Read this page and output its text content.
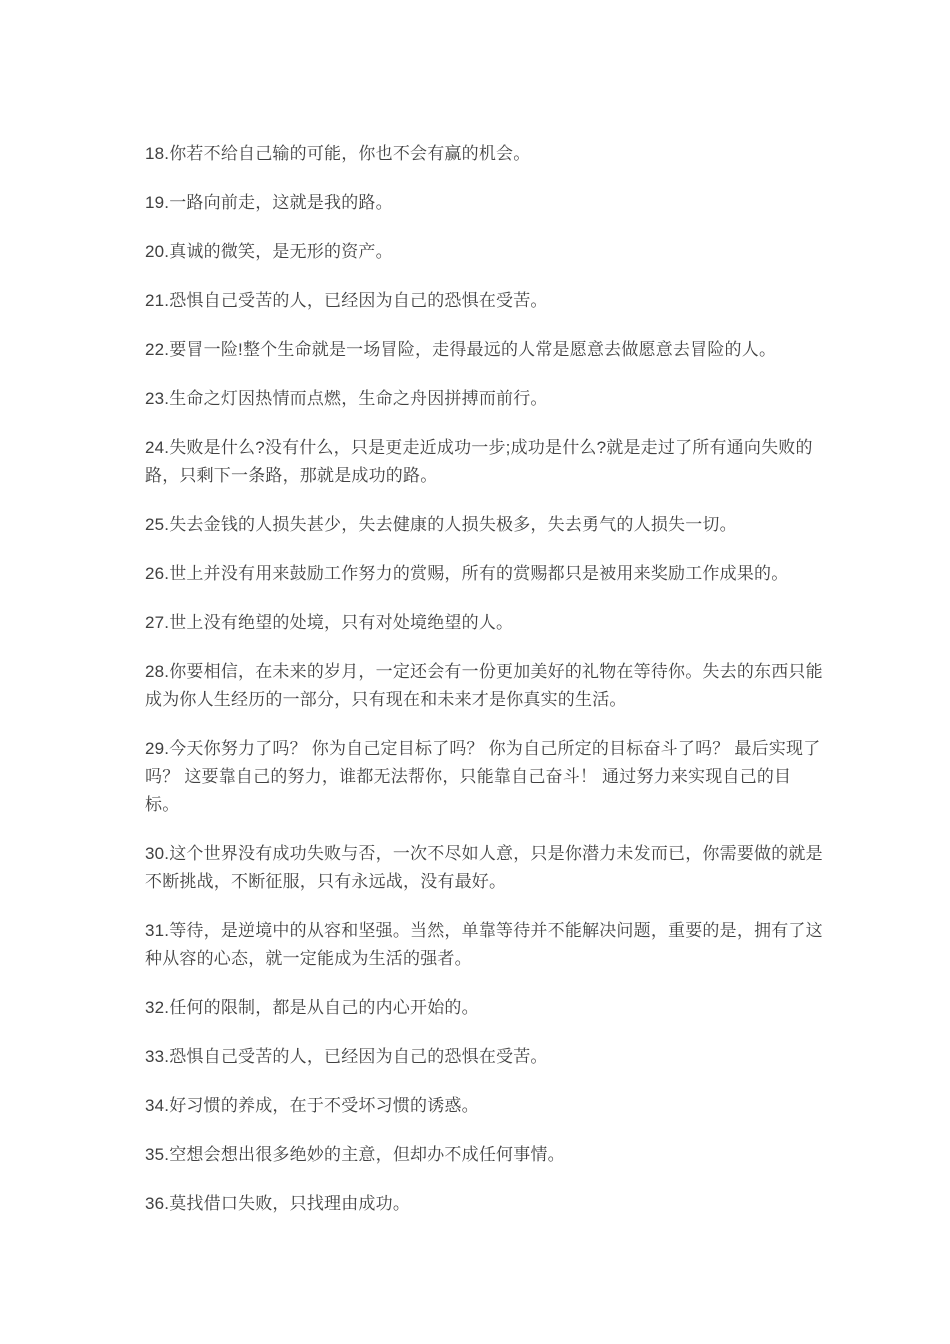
18.你若不给自己输的可能，你也不会有赢的机会。

19.一路向前走，这就是我的路。

20.真诚的微笑，是无形的资产。

21.恐惧自己受苦的人，已经因为自己的恐惧在受苦。

22.要冒一险!整个生命就是一场冒险，走得最远的人常是愿意去做愿意去冒险的人。

23.生命之灯因热情而点燃，生命之舟因拼搏而前行。

24.失败是什么?没有什么，只是更走近成功一步;成功是什么?就是走过了所有通向失败的路，只剩下一条路，那就是成功的路。

25.失去金钱的人损失甚少，失去健康的人损失极多，失去勇气的人损失一切。

26.世上并没有用来鼓励工作努力的赏赐，所有的赏赐都只是被用来奖励工作成果的。

27.世上没有绝望的处境，只有对处境绝望的人。

28.你要相信，在未来的岁月，一定还会有一份更加美好的礼物在等待你。失去的东西只能成为你人生经历的一部分，只有现在和未来才是你真实的生活。

29.今天你努力了吗？ 你为自己定目标了吗？ 你为自己所定的目标奋斗了吗？ 最后实现了吗？ 这要靠自己的努力，谁都无法帮你，只能靠自己奋斗！ 通过努力来实现自己的目标。

30.这个世界没有成功失败与否，一次不尽如人意，只是你潜力未发而已，你需要做的就是不断挑战，不断征服，只有永远战，没有最好。

31.等待，是逆境中的从容和坚强。当然，单靠等待并不能解决问题，重要的是，拥有了这种从容的心态，就一定能成为生活的强者。

32.任何的限制，都是从自己的内心开始的。

33.恐惧自己受苦的人，已经因为自己的恐惧在受苦。

34.好习惯的养成，在于不受坏习惯的诱惑。

35.空想会想出很多绝妙的主意，但却办不成任何事情。

36.莫找借口失败，只找理由成功。
